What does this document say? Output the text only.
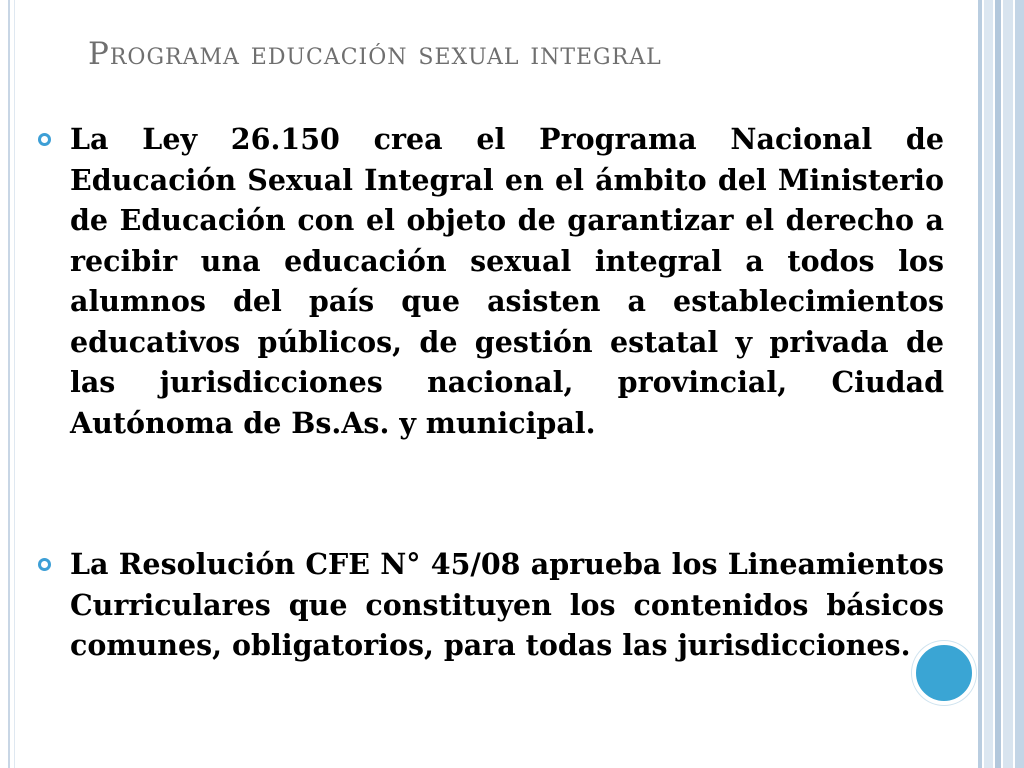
Programa educación sexual integral
La Ley 26.150 crea el Programa Nacional de Educación Sexual Integral en el ámbito del Ministerio de Educación con el objeto de garantizar el derecho a recibir una educación sexual integral a todos los alumnos del país que asisten a establecimientos educativos públicos, de gestión estatal y privada de las jurisdicciones nacional, provincial, Ciudad Autónoma de Bs.As. y municipal.
La Resolución CFE N° 45/08 aprueba los Lineamientos Curriculares que constituyen los contenidos básicos comunes, obligatorios, para todas las jurisdicciones.
